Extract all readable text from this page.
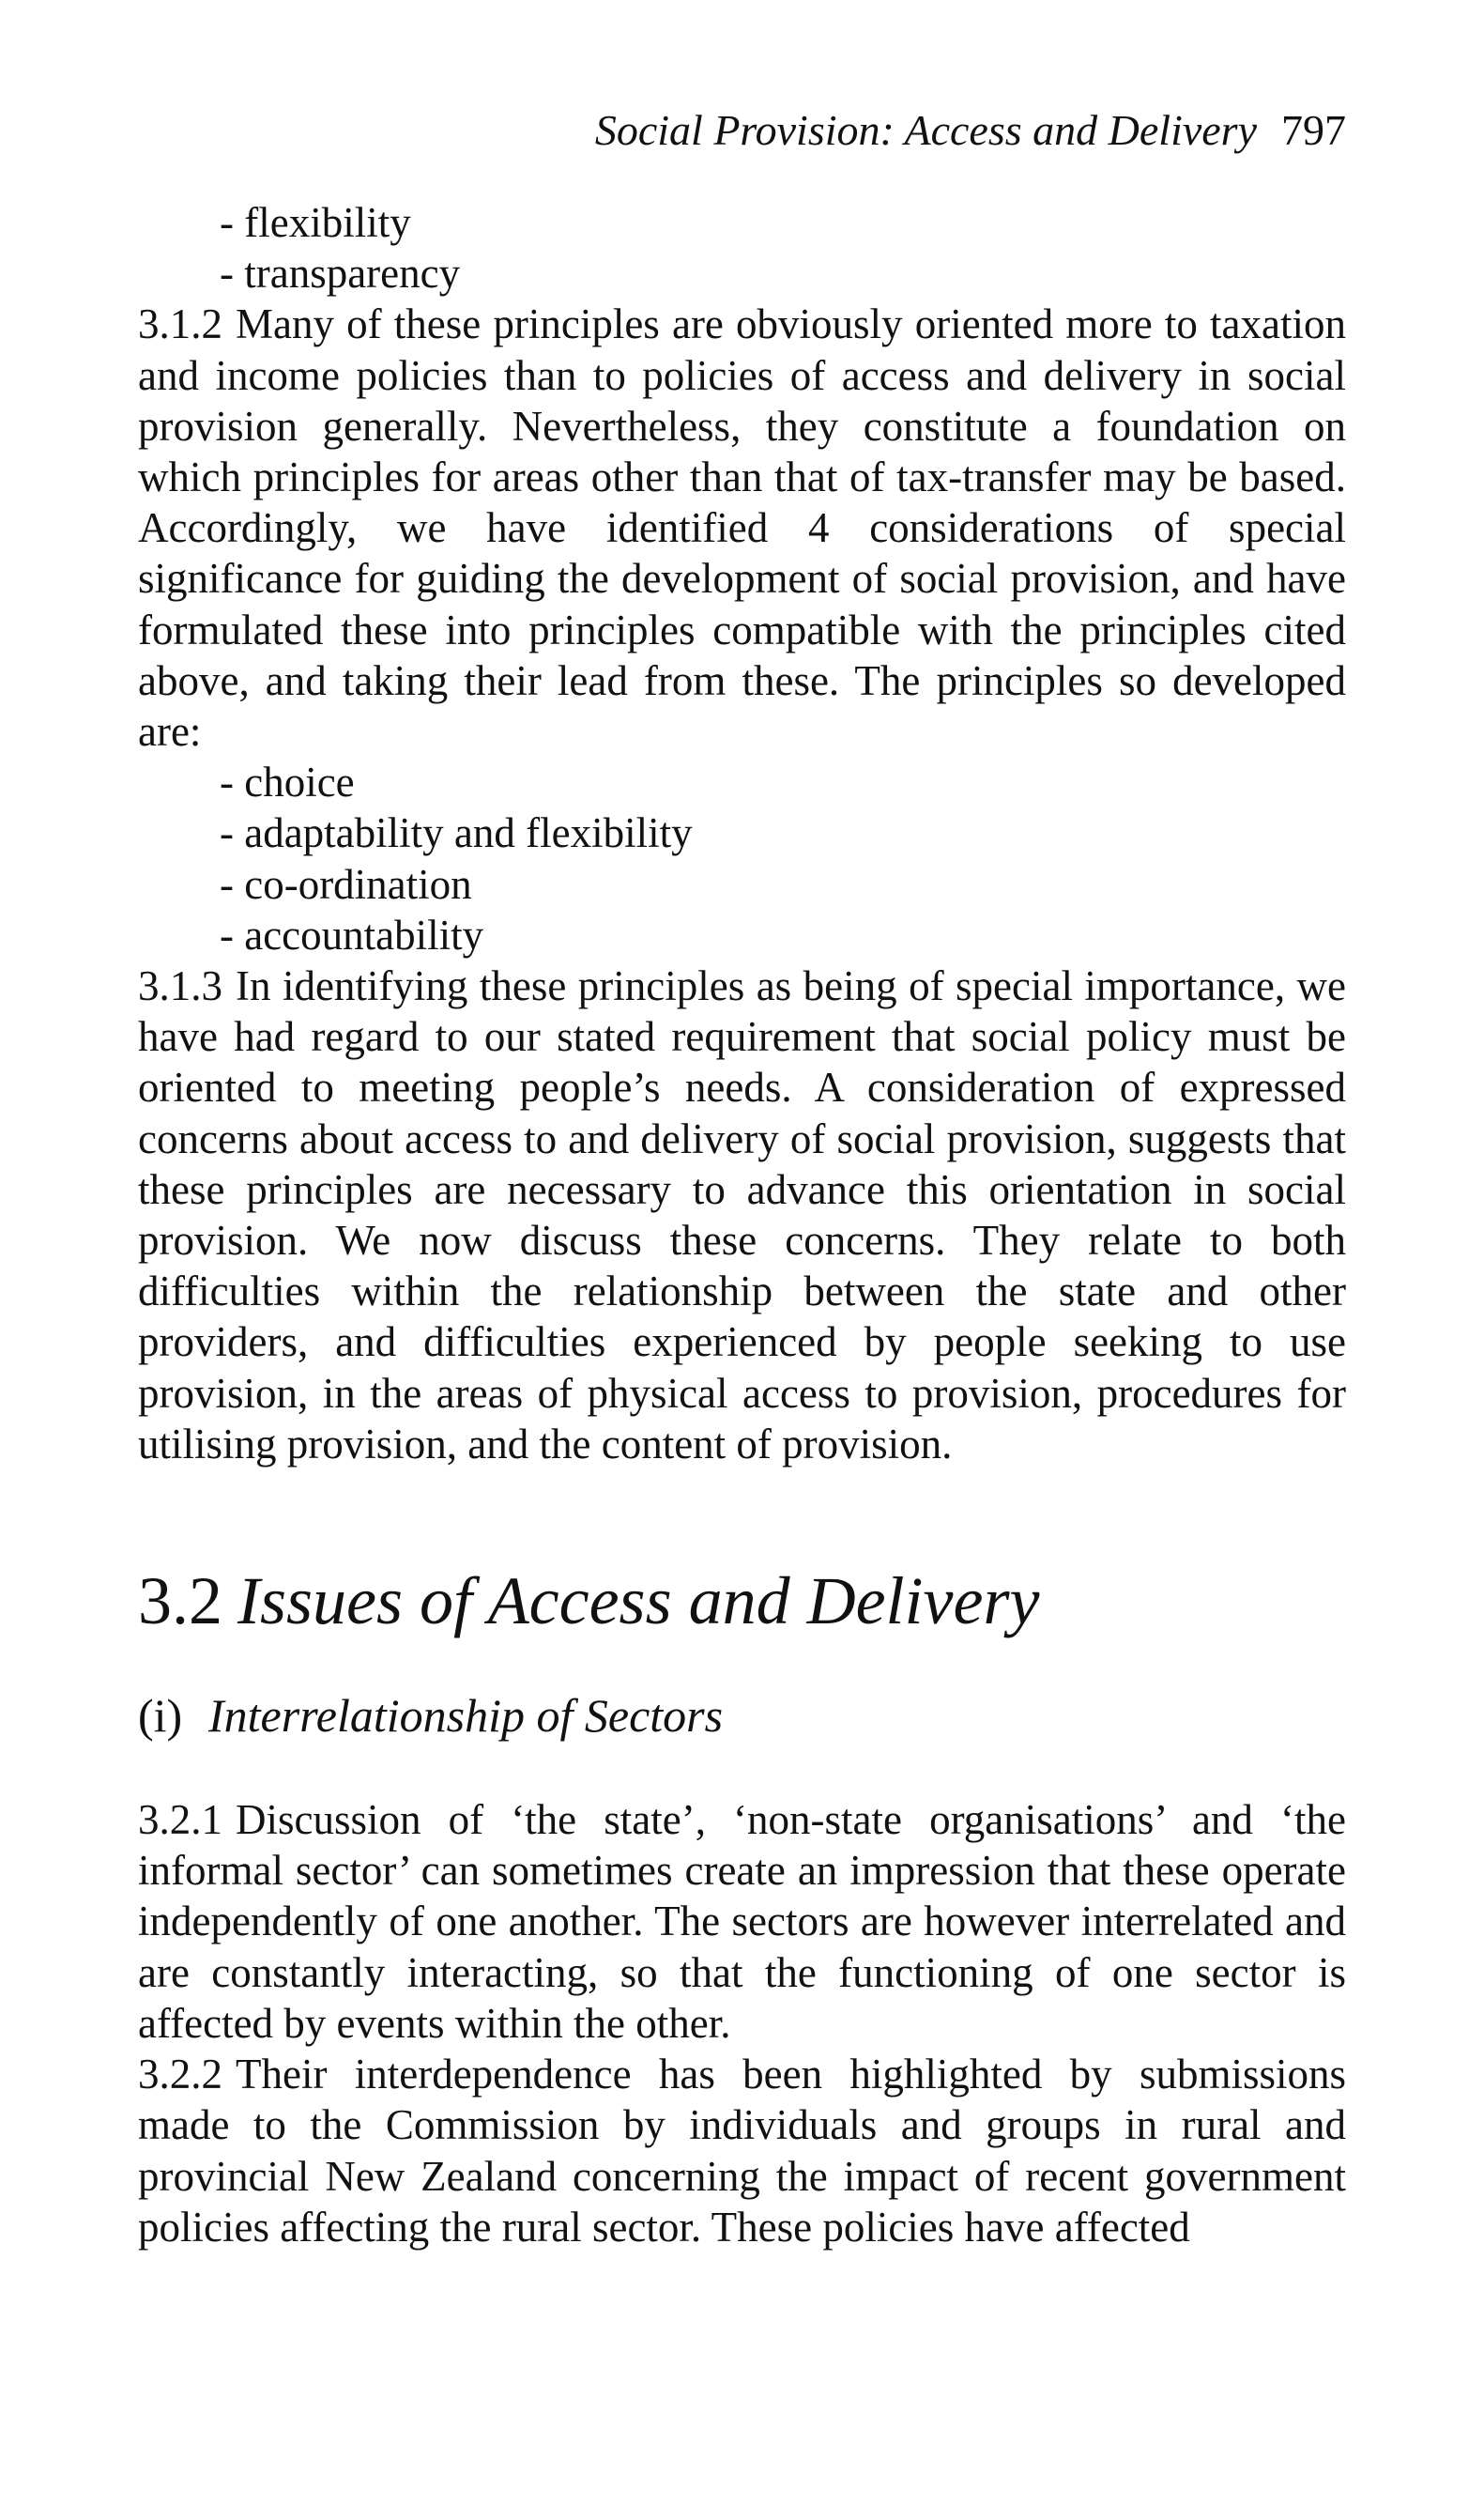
Social Provision: Access and Delivery 797
- flexibility
- transparency

3.1.2 Many of these principles are obviously oriented more to taxation and income policies than to policies of access and delivery in social provision generally. Nevertheless, they constitute a foundation on which principles for areas other than that of tax-transfer may be based. Accordingly, we have identified 4 considerations of special significance for guiding the development of social provision, and have formulated these into principles compatible with the principles cited above, and taking their lead from these. The principles so developed are:

- choice
- adaptability and flexibility
- co-ordination
- accountability

3.1.3 In identifying these principles as being of special importance, we have had regard to our stated requirement that social policy must be oriented to meeting people’s needs. A consideration of expressed concerns about access to and delivery of social provision, suggests that these principles are necessary to advance this orientation in social provision. We now discuss these concerns. They relate to both difficulties within the relationship between the state and other providers, and difficulties experienced by people seeking to use provision, in the areas of physical access to provision, procedures for utilising provision, and the content of provision.

3.2 Issues of Access and Delivery
(i) Interrelationship of Sectors

3.2.1 Discussion of ‘the state’, ‘non-state organisations’ and ‘the informal sector’ can sometimes create an impression that these operate independently of one another. The sectors are however interrelated and are constantly interacting, so that the functioning of one sector is affected by events within the other.

3.2.2 Their interdependence has been highlighted by submissions made to the Commission by individuals and groups in rural and provincial New Zealand concerning the impact of recent government policies affecting the rural sector. These policies have affected
